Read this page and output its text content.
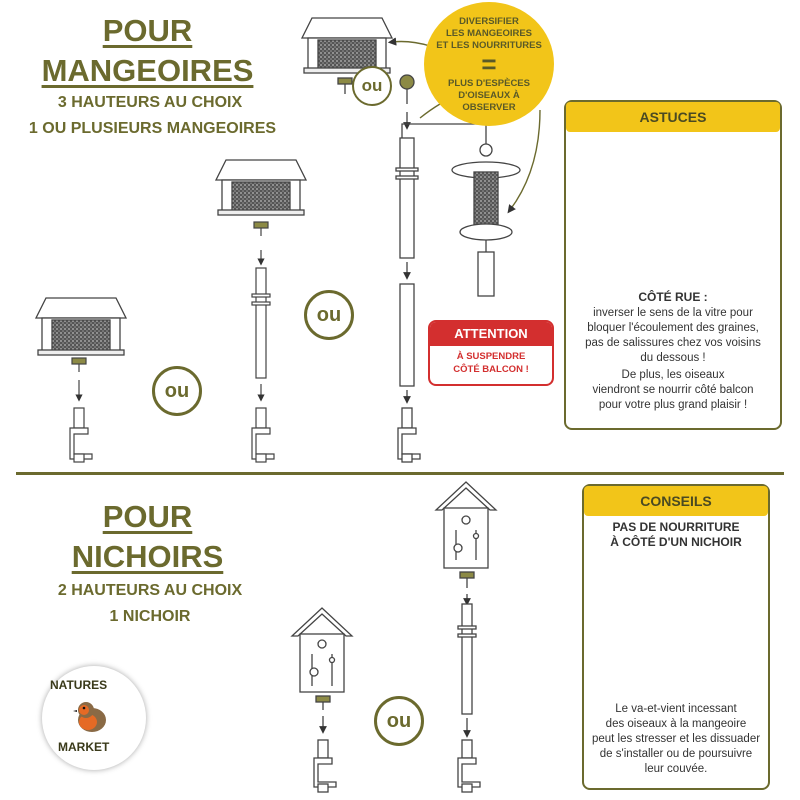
POUR
MANGEOIRES
3 HAUTEURS AU CHOIX
1 OU PLUSIEURS MANGEOIRES
DIVERSIFIER
LES MANGEOIRES
ET LES NOURRITURES
=
PLUS D'ESPÈCES
D'OISEAUX À
OBSERVER
ou
ou
ou
ATTENTION
À SUSPENDRE
CÔTÉ BALCON !
ASTUCES
CÔTÉ RUE :
inverser le sens de la vitre pour
bloquer l'écoulement des graines,
pas de salissures chez vos voisins
du dessous !
De plus, les oiseaux
viendront se nourrir côté balcon
pour votre plus grand plaisir !
POUR
NICHOIRS
2 HAUTEURS AU CHOIX
1 NICHOIR
ou
NATURES
MARKET
CONSEILS
PAS DE NOURRITURE
À CÔTÉ D'UN NICHOIR
Le va-et-vient incessant
des oiseaux à la mangeoire
peut les stresser et les dissuader
de s'installer ou de poursuivre
leur couvée.
